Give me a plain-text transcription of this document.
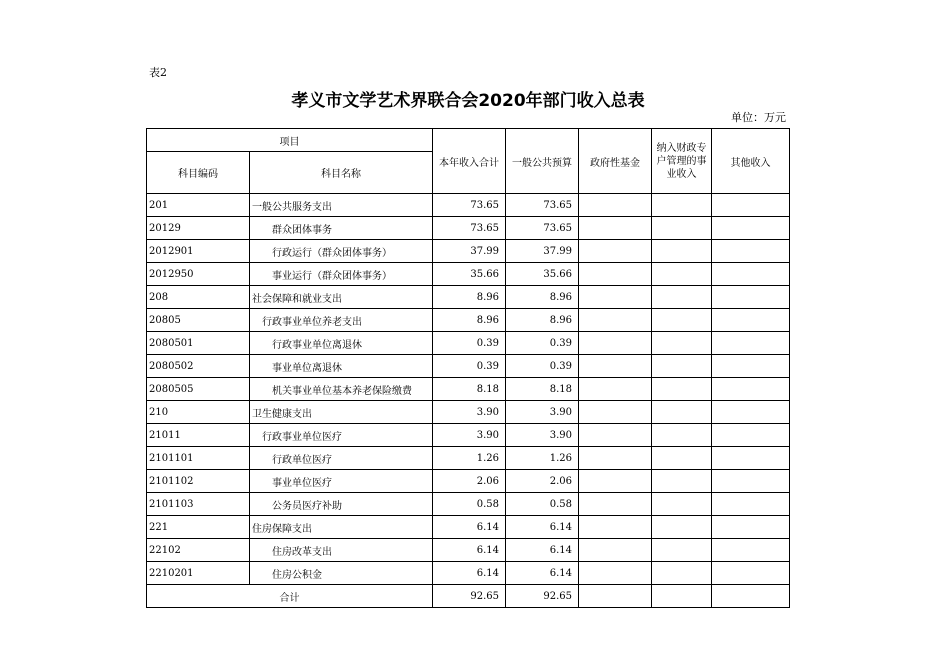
表2
孝义市文学艺术界联合会2020年部门收入总表
单位：万元
项目		本年收入合计	一般公共预算	政府性基金	纳入财政专户管理的事业收入	其他收入
科目编码	科目名称					
201	一般公共服务支出	73.65	73.65			
20129	群众团体事务	73.65	73.65			
2012901	行政运行（群众团体事务）	37.99	37.99			
2012950	事业运行（群众团体事务）	35.66	35.66			
208	社会保障和就业支出	8.96	8.96			
20805	行政事业单位养老支出	8.96	8.96			
2080501	行政事业单位离退休	0.39	0.39			
2080502	事业单位离退休	0.39	0.39			
2080505	机关事业单位基本养老保险缴费	8.18	8.18			
210	卫生健康支出	3.90	3.90			
21011	行政事业单位医疗	3.90	3.90			
2101101	行政单位医疗	1.26	1.26			
2101102	事业单位医疗	2.06	2.06			
2101103	公务员医疗补助	0.58	0.58			
221	住房保障支出	6.14	6.14			
22102	住房改革支出	6.14	6.14			
2210201	住房公积金	6.14	6.14			
合计		92.65	92.65			
